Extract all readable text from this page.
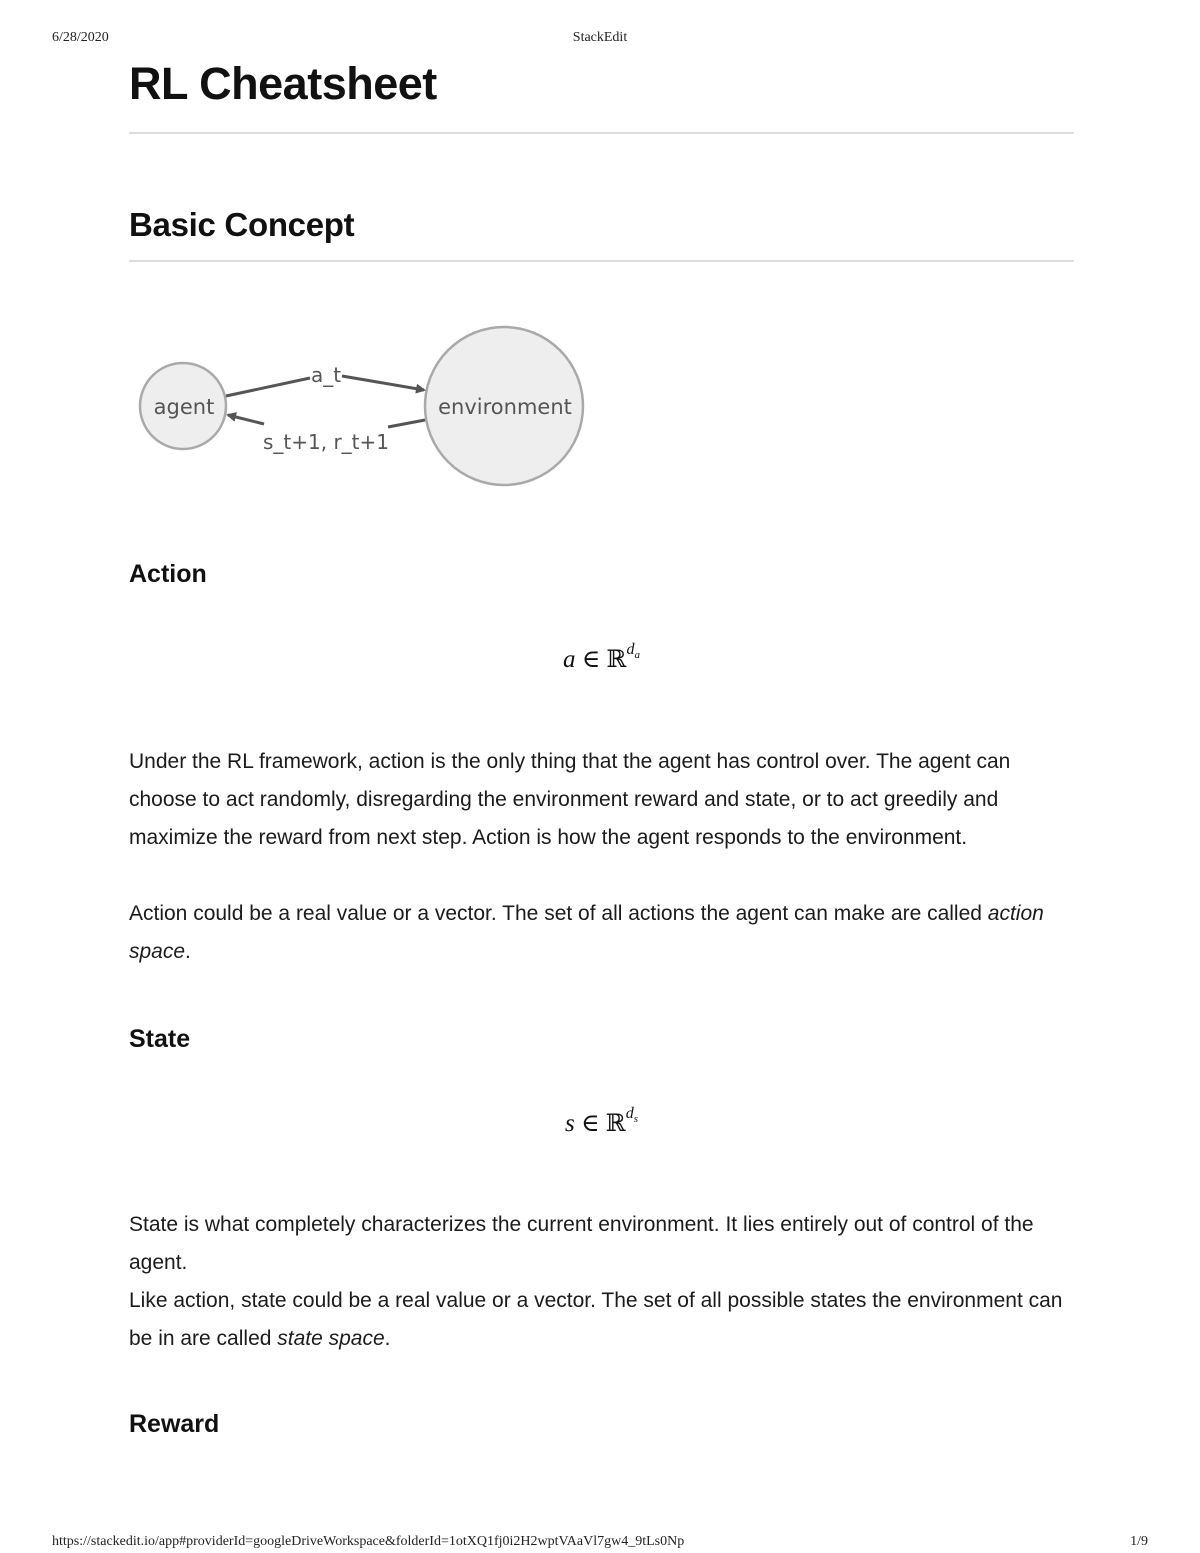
6/28/2020	StackEdit
RL Cheatsheet
Basic Concept
agent	environment
a_t
s_t+1, r_t+1
Action
a ∈ ℝ$^{d_a}$

Under the RL framework, action is the only thing that the agent has control over. The agent can choose to act randomly, disregarding the environment reward and state, or to act greedily and maximize the reward from next step. Action is how the agent responds to the environment.

Action could be a real value or a vector. The set of all actions the agent can make are called action space.

State
s ∈ ℝ$^{d_s}$

State is what completely characterizes the current environment. It lies entirely out of control of the agent.

Like action, state could be a real value or a vector. The set of all possible states the environment can be in are called state space.

Reward
https://stackedit.io/app#providerId=googleDriveWorkspace&folderId=1otXQ1fj0i2H2wptVAaVl7gw4_9tLs0Np	1/9
